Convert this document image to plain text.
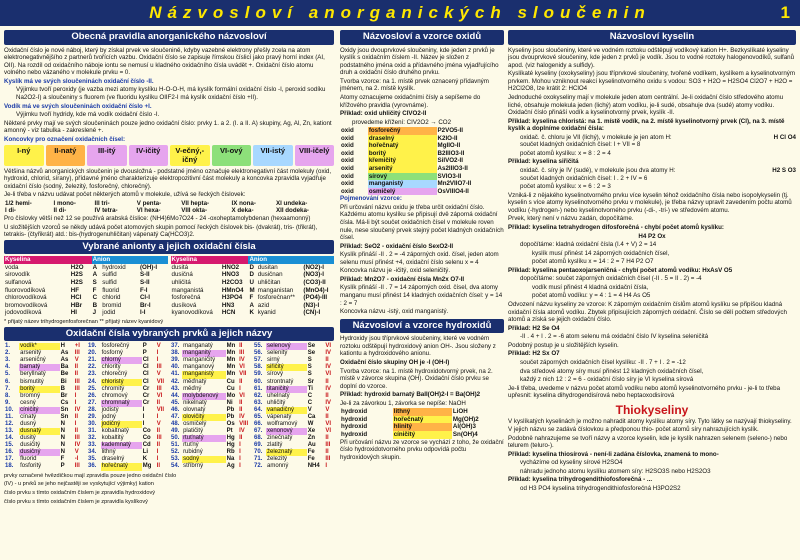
Názvosloví anorganických sloučenin	1
Obecná pravidla anorganického názvosloví

Oxidační číslo je nové náboj, který by získal prvek ve sloučenině, kdyby vazebné elektrony přešly zcela na atom elektronegativnějšího z partnerů tvořících vazbu. Oxidační číslo se zapisuje římskou číslicí jako pravý horní index (AI, OII). Na rozdíl od oxidačního náboje iontu se nemusí u kladného oxidačního čísla uvádět +. Oxidační číslo atomu volného nebo vázaného v molekule prvku = 0.

Kyslík má ve svých sloučeninách oxidační číslo -II.

Výjimku tvoří peroxidy (je vazba mezi atomy kyslíku H-O-O-H, má kyslík formální oxidační číslo -I, peroxid sodíku Na2O2-I) a sloučeniny s fluorem (ve fluoridu kyslíku OIIF2-I má kyslík oxidační číslo +II).

Vodík má ve svých sloučeninách oxidační číslo +I.

Výjimku tvoří hydridy, kde má vodík oxidační číslo -I.

Některé prvky mají ve svých sloučeninách pouze jedno oxidační číslo: prvky 1. a 2. (I. a II. A) skupiny, Ag, Al, Zn, kationt amonný - viz tabulka - zakreslené +.

Koncovky pro označení oxidačních čísel:

I-ný	II-natý	III-itý	IV-ičitý	V-ečný,-ičný
VI-ový	VII-istý	VIII-ičelý

Většina názvů anorganických sloučenin je dvousložná - podstatné jméno označuje elektronegativní část molekuly (oxid, hydroxid, chlorid, sírany), přídavné jméno charakterizuje elektropozitivní část molekuly a koncovka zpravidla vyjadřuje oxidační číslo (sodný, železitý, fosforečný, chlorečný).

Je-li třeba v názvu udávat počet některých atomů v molekule, užívá se řeckých číslovek:

1/2 hemi-	I mono-	III tri-	V penta-	VII hepta-	IX nona-	XI undeka-
I di-	II di-	IV tetra-	VI hexa-	VIII okta-	X deka-	XII dodeka-

Pro číslovky větší než 12 se používá arabská číslice: (NH4)6Mo7O24 - 24 -oxoheptamolybdenan (hexaamonný)

U složitějších vzorců se někdy udává počet atomových skupin pomocí řeckých číslovek bis- (dvakrát), tris- (třikrát), tetrakis- (čtyřikrát) atd.: bis-(hydrogenuhličitan) vápenatý Ca(HCO3)2.

Vybrané anionty a jejich oxidační čísla
Kyselina		Anion		
voda	H2O	A	hydroxid	(OH)-I
sirovodík	H2S	A	sulfid	S-II
sulfanová	H2S	S	sulfid	S-II
fluorovodíková	HF	F	fluorid	F-I
chlorovodíková	HCl	C	chlorid	Cl-I
bromovodíková	HBr	B	bromid	Br-I
jodovodíková	HI	J	jodid	I-I
Kyselina		Anion		
dusitá	HNO2	D	dusitan	(NO2)-I
dusičná	HNO3	D	dusičnan	(NO3)-I
uhličitá	H2CO3	U	uhličitan	(CO3)-II
manganistá	HMnO4	M	manganistan	(MnO4)-I
fosforečná	H3PO4	F	fosforečnan**	(PO4)-III
dusíková	HN3	A	azid	(N3)-I
kyanovodíková	HCN	K	kyanid	(CN)-I

* přijatý název trihydrogenfosforečnan ** přijatý název kyanidový

Oxidační čísla vybraných prvků a jejich názvy
1.	vodík*	H	+I
2.	arsenitý	As	III
3.	arseničný	As	V
4.	barnatý	Ba	II
5.	beryllnatý	Be	II
6.	bismutitý	Bi	III
7.	boritý	B	III
8.	bromný	Br	I
9.	cesný	Cs	I
10.	cíničitý	Sn	IV
11.	cínatý	Sn	II
12.	dusný	N	I
13.	dusnatý	N	II
14.	dusitý	N	III
15.	dusičitý	N	IV
16.	dusičný	N	V
17.	fluorid	F	-I
18.	fosforitý	P	III
19.	fosforečný	P	V
20.	fosforný	P	I
21.	chlorný	Cl	I
22.	chloritý	Cl	III
23.	chlorečný	Cl	V
24.	chloristý	Cl	VII
25.	chromitý	Cr	III
26.	chromový	Cr	VI
27.	chromnatý	Cr	II
28.	jodistý	I	VII
29.	jodný	I	I
30.	jodičný	I	V
31.	kobaltnatý	Co	II
32.	kobaltitý	Co	III
33.	kademnatý	Cd	II
34.	lithný	Li	I
35.	draselný	K	I
36.	hořečnatý	Mg	II
37.	manganatý	Mn	II
38.	manganitý	Mn	III
39.	manganičitý	Mn	IV
40.	manganový	Mn	VI
41.	manganistý	Mn	VII
42.	měďnatý	Cu	II
43.	měďný	Cu	I
44.	molybdenový	Mo	VI
45.	nikelnatý	Ni	II
46.	olovnatý	Pb	II
47.	olovičitý	Pb	IV
48.	osmičelý	Os	VIII
49.	platičitý	Pt	IV
50.	rtuťnatý	Hg	II
51.	rtuťný	Hg	I
52.	rubidný	Rb	I
53.	sodný	Na	I
54.	stříbrný	Ag	I
55.	selenový	Se	VI
56.	selenitý	Se	IV
57.	sirný	S	II
58.	siřičitý	S	IV
59.	sírový	S	VI
60.	strontnatý	Sr	II
61.	titaničitý	Ti	IV
62.	uhelnatý	C	II
63.	uhličitý	C	IV
64.	vanadičný	V	V
65.	vápenatý	Ca	II
66.	wolframový	W	VI
67.	xenonový	Xe	VI
68.	zinečnatý	Zn	II
69.	zlatitý	Au	III
70.	železnatý	Fe	II
71.	železitý	Fe	III
72.	amonný	NH4	I

prvky označené hvězdičkou mají zpravidla pouze jedno oxidační číslo

(IV) - u prvků se jeho nejčastěji se vyskytující výjimky) kation

číslo prvku s tímto oxidačním číslem je zpravidla hydroxidový

číslo prvku s tímto oxidačním číslem je zpravidla kyslíkový

Názvosloví a vzorce oxidů

Oxidy jsou dvouprvkové sloučeniny, kde jeden z prvků je kyslík s oxidačním číslem -II. Název je složen z podstatného jména oxid a přídavného jména vyjadřujícího druh a oxidační číslo druhého prvku.

Tvorba vzorce: na 1. místě prvek oznacený přídavným jménem, na 2. místě kyslík.

Atomy oznacujeme oxidačními čísly a sepíšeme do křížového pravidla (vyrovnáme).

Příklad: oxid uhličitý CIVO2-II

provedeme křížení: CIV2O2 → CO2

oxid	fosforečný	P2VO5-II
oxid	draselný	K2IO-II
oxid	hořečnatý	MgIIO-II
oxid	boritý	B2IIIO3-II
oxid	křemičitý	SiIVO2-II
oxid	arsenitý	As2IIIO3-II
oxid	sírový	SVIO3-II
oxid	manganistý	Mn2VIIO7-II
oxid	osmičelý	OsVIIIO4-II

Pojmenování vzorce:

Při určování názvu oxidu je třeba určit oxidační číslo. Každému atomu kyslíku se připisují dvě záporná oxidační čísla. Má-li být součet oxidačních čísel v molekule roven nule, nese sloučený prvek stejný počet kladných oxidačních čísel.

Příklad: SeO2 - oxidační číslo SexO2-II

Kyslík přináší -II . 2 = -4 záporných oxid. čísel, jeden atom selenu musí přinést +4, oxidační číslo selenu x = 4

Koncovka názvu je -ičitý, oxid seleničitý.

Příklad: Mn2O7 - oxidační čísla Mn2x O7-II

Kyslík přináší -II . 7 = 14 záporných oxid. čísel, dva atomy manganu musí přinést 14 kladných oxidačních čísel: y = 14 : 2 = 7

Koncovka názvu -istý, oxid manganistý.

Názvosloví a vzorce hydroxidů

Hydroxidy jsou tříprvkové sloučeniny, které ve vodném roztoku odštěpují hydroxidový anion OH-. Jsou složeny z kationtu a hydroxidového anionu.

Oxidační číslo skupiny OH je -I (OH-I)

Tvorba vzorce: na 1. místě hydroxidotvorný prvek, na 2. místě v závorce skupina (OH). Oxidační číslo prvku se doplní do vzorce.

Příklad: hydroxid barnatý BaII(OH)2-I = Ba(OH)2

Je-li za závorkou 1, závorka se nepíše: NaOH

hydroxid	lithný	LiOH
hydroxid	hořečnatý	Mg(OH)2
hydroxid	hlinitý	Al(OH)3
hydroxid	cíničitý	Sn(OH)4

Při určování názvu ze vzorce se vychází z toho, že oxidační číslo hydroxidotvorného prvku odpovídá počtu hydroxidových skupin.

Názvosloví kyselin

Kyseliny jsou sloučeniny, které ve vodném roztoku odštěpují vodíkový kation H+. Bezkyslíkaté kyseliny jsou dvouprvkové sloučeniny, kde jeden z prvků je vodík. Jsou to vodné roztoky halogenovodíků, sulfanů apod. (viz halogenidy a sulfidy).

Kyslíkaté kyseliny (oxokyseliny) jsou tříprvkové sloučeniny, tvořené vodíkem, kyslíkem a kyselinotvorným prvkem. Mohou vzniknout reakcí kyselinotvorného oxidu s vodou: SO3 + H2O = H2SO4 Cl2O7 + H2O = H2Cl2O8, lze krátit 2: HClO4

Jednoduché oxokyseliny mají v molekule jeden atom centrální. Je-li oxidační číslo středového atomu liché, obsahuje molekula jeden (lichý) atom vodíku, je-li sudé, obsahuje dva (sudé) atomy vodíku. Oxidační číslo přináší vodík a kyselinotvorný prvek, kyslík -II.

Příklad: kyselina chloristá: na 1. místě vodík, na 2. místě kyselinotvorný prvek (Cl), na 3. místě kyslík a doplníme oxidační čísla:

oxidač. č. chloru je VII (lichý), v molekule je jen atom H:	H Cl O4

součet kladných oxidačních čísel: I + VII = 8

počet atomů kyslíku: x = 8 : 2 = 4

Příklad: kyselina siřičitá

oxidač. č. síry je IV (sudé), v molekule jsou dva atomy H:	H2 S O3

součet kladných oxidačních čísel: I . 2 + IV = 6

počet atomů kyslíku: x = 6 : 2 = 3

Vzniká-li z nějakého kyselinotvorného prvku více kyselin téhož oxidačního čísla nebo isopolykyselin (tj. kyselin s více atomy kyselinotvorného prvku v molekule), je třeba názvy upravit zavedením počtu atomů vodíku (-hydrogen-) nebo kyselinotvorného prvku (-di-, -tri-) ve středovém atomu.

Prvek, který není v názvu zadán, dopočítáme.

Příklad: kyselina tetrahydrogen difosforečná - chybí počet atomů kyslíku:

H4 P2 Ox

dopočítáme: kladná oxidační čísla (I.4 + V) 2 = 14

kyslík musí přinést 14 záporných oxidačních čísel,

počet atomů kyslíku x = 14 : 2 = 7 H4 P2 O7

Příklad: kyselina pentaoxojarseničná - chybí počet atomů vodíku: HxAsV O5

dopočítáme: součet záporných oxidačních čísel (-II . 5 = II . 2) = -4

vodík musí přinést 4 kladná oxidační čísla,

počet atomů vodíku: y = 4 : 1 = 4 H4 As O5

Odvození názvu kyseliny ze vzorce: K záporným oxidačním číslům atomů kyslíku se připíšou kladná oxidační čísla atomů vodíku. Zbytek připisujících záporných oxidační. Číslo se dělí počtem středových atomů a získá se jejich oxidační číslo.

Příklad: H2 Se O4

-II . 4 + I . 2 = -6 atom selenu má oxidační číslo IV kyselina seleničitá

Podobný postup je u složitějších kyselin.

Příklad: H2 Sx O7

součet záporných oxidačních čísel kyslíku: -II . 7 + I . 2 = -12

dva středové atomy síry musí přinést 12 kladných oxidačních čísel,

každý z nich 12 : 2 = 6 - oxidační číslo síry je VI kyselina sírová

Je-li třeba, uvedeme v názvu počet atomů vodíku nebo atomů kyselinotvorného prvku - je-li to třeba upřesnit: kyselina dihydrogendisírová nebo heptaoxodisírová

Thiokyseliny

V kyslíkatých kyselinách je možno nahradit atomy kyslíku atomy síry. Tyto látky se nazývají thiokyseliny. V jejich názvu se zadává číslovkou a předponou thio- počet atomů síry nahrazujících kyslík.

Podobně nahrazujeme se tvoří názvy a vzorce kyselin, kde je kyslík nahrazen selenem (seleno-) nebo telurem (teluro-).

Příklad: kyselina thiosírová - není-li zadána číslovka, znamená to mono-

vycházíme od kyseliny sírové H2SO4

náhradu jednoho atomu kyslíku atomem síry: H2SO3S nebo H2S2O3

Příklad: kyselina trihydrogendithiofosforečná - ...

od H3 PO4 kyselina trihydrogendithiofosforečná H3PO2S2
